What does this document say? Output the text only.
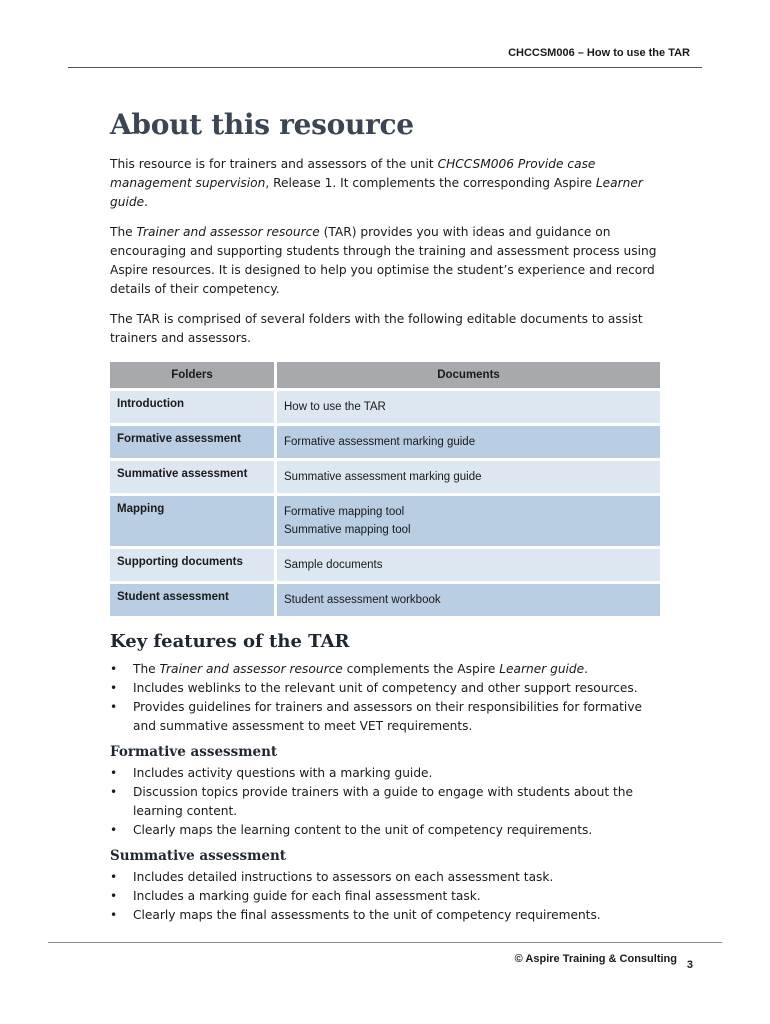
CHCCSM006 – How to use the TAR
About this resource

This resource is for trainers and assessors of the unit CHCCSM006 Provide case management supervision, Release 1. It complements the corresponding Aspire Learner guide.

The Trainer and assessor resource (TAR) provides you with ideas and guidance on encouraging and supporting students through the training and assessment process using Aspire resources. It is designed to help you optimise the student’s experience and record details of their competency.

The TAR is comprised of several folders with the following editable documents to assist trainers and assessors.

Folders	Documents
Introduction	How to use the TAR

Formative assessment	Formative assessment marking guide

Summative assessment	Summative assessment marking guide

Mapping	Formative mapping tool
Summative mapping tool

Supporting documents	Sample documents

Student assessment	Student assessment workbook
Key features of the TAR
• The Trainer and assessor resource complements the Aspire Learner guide.
• Includes weblinks to the relevant unit of competency and other support resources.
• Provides guidelines for trainers and assessors on their responsibilities for formative and summative assessment to meet VET requirements.
Formative assessment
• Includes activity questions with a marking guide.
• Discussion topics provide trainers with a guide to engage with students about the learning content.
• Clearly maps the learning content to the unit of competency requirements.
Summative assessment
• Includes detailed instructions to assessors on each assessment task.
• Includes a marking guide for each final assessment task.
• Clearly maps the final assessments to the unit of competency requirements.
© Aspire Training & Consulting 3
